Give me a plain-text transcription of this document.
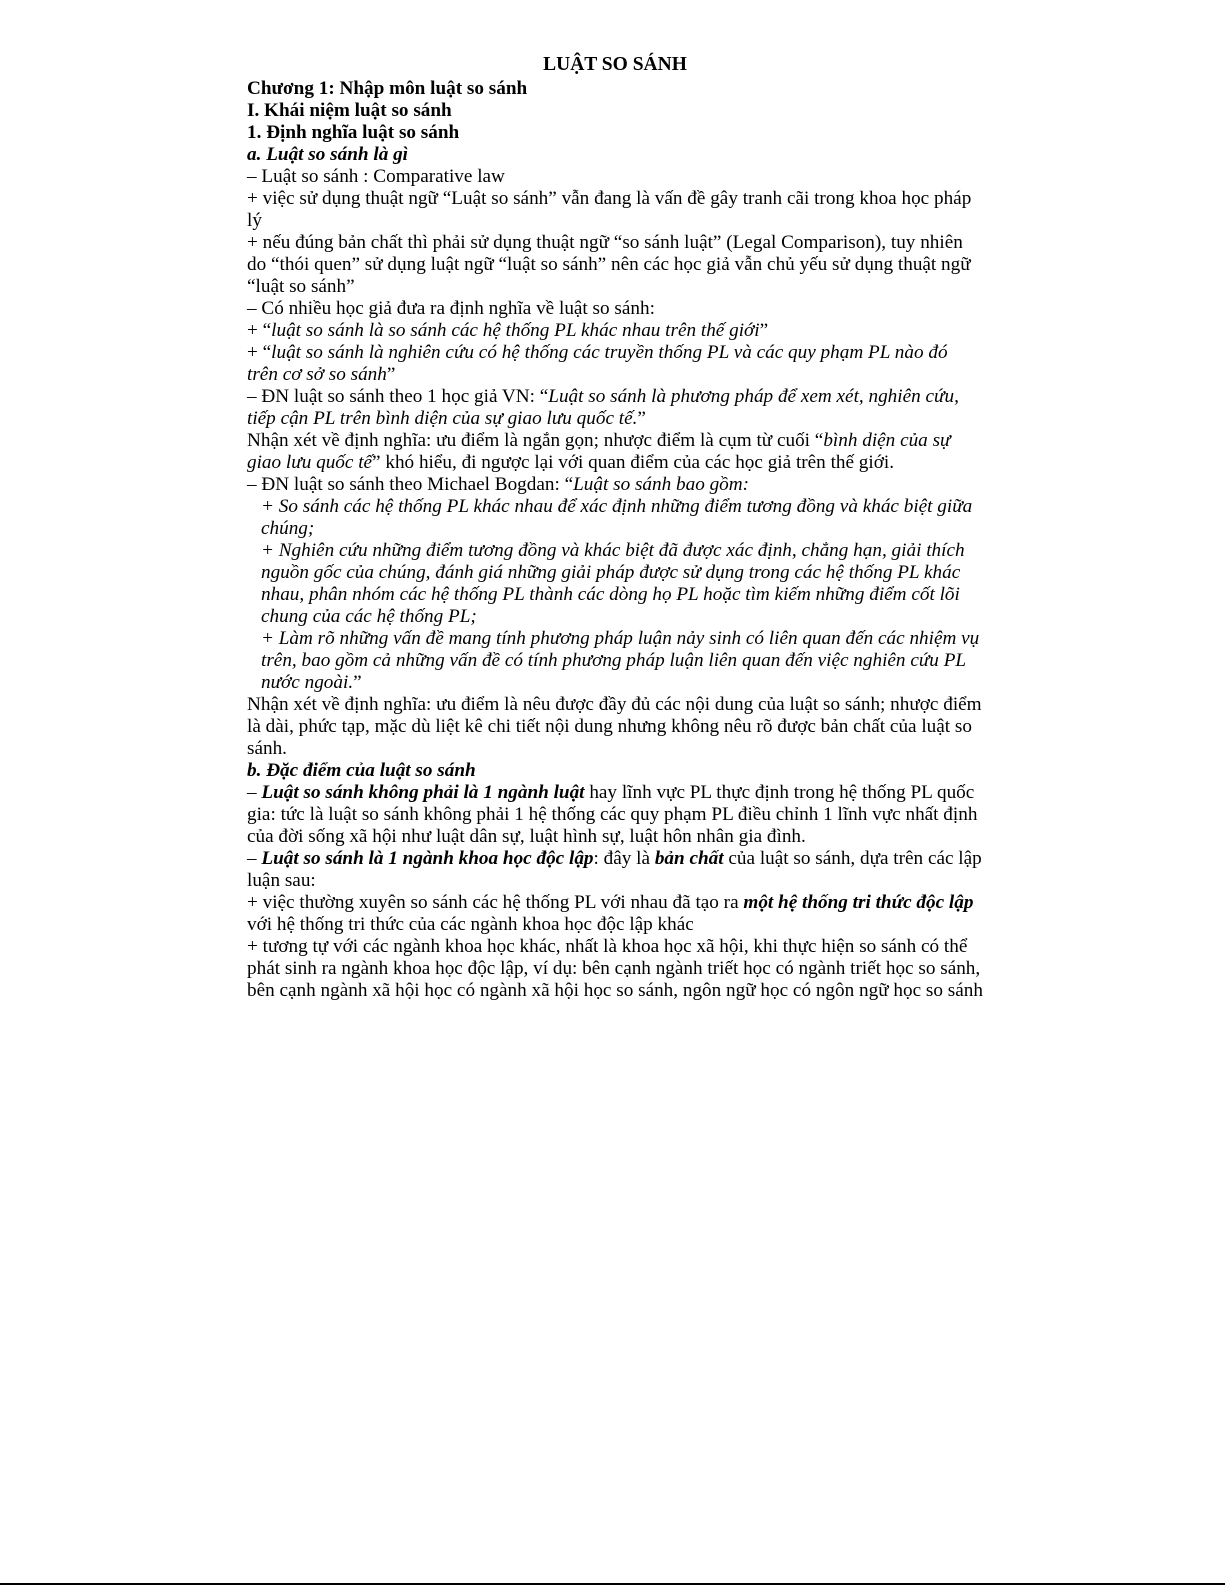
LUẬT SO SÁNH

Chương 1: Nhập môn luật so sánh

I. Khái niệm luật so sánh

1. Định nghĩa luật so sánh

a. Luật so sánh là gì

– Luật so sánh : Comparative law

+ việc sử dụng thuật ngữ “Luật so sánh” vẫn đang là vấn đề gây tranh cãi trong khoa học pháp lý

+ nếu đúng bản chất thì phải sử dụng thuật ngữ “so sánh luật” (Legal Comparison), tuy nhiên do “thói quen” sử dụng luật ngữ “luật so sánh” nên các học giả vẫn chủ yếu sử dụng thuật ngữ “luật so sánh”

– Có nhiều học giả đưa ra định nghĩa về luật so sánh:

+ “luật so sánh là so sánh các hệ thống PL khác nhau trên thế giới”

+ “luật so sánh là nghiên cứu có hệ thống các truyền thống PL và các quy phạm PL nào đó trên cơ sở so sánh”

– ĐN luật so sánh theo 1 học giả VN: “Luật so sánh là phương pháp để xem xét, nghiên cứu, tiếp cận PL trên bình diện của sự giao lưu quốc tế.”

Nhận xét về định nghĩa: ưu điểm là ngắn gọn; nhược điểm là cụm từ cuối “bình diện của sự giao lưu quốc tế” khó hiểu, đi ngược lại với quan điểm của các học giả trên thế giới.

– ĐN luật so sánh theo Michael Bogdan: “Luật so sánh bao gồm:

+ So sánh các hệ thống PL khác nhau để xác định những điểm tương đồng và khác biệt giữa chúng;

+ Nghiên cứu những điểm tương đồng và khác biệt đã được xác định, chẳng hạn, giải thích nguồn gốc của chúng, đánh giá những giải pháp được sử dụng trong các hệ thống PL khác nhau, phân nhóm các hệ thống PL thành các dòng họ PL hoặc tìm kiếm những điểm cốt lõi chung của các hệ thống PL;

+ Làm rõ những vấn đề mang tính phương pháp luận nảy sinh có liên quan đến các nhiệm vụ trên, bao gồm cả những vấn đề có tính phương pháp luận liên quan đến việc nghiên cứu PL nước ngoài.”

Nhận xét về định nghĩa: ưu điểm là nêu được đầy đủ các nội dung của luật so sánh; nhược điểm là dài, phức tạp, mặc dù liệt kê chi tiết nội dung nhưng không nêu rõ được bản chất của luật so sánh.

b. Đặc điểm của luật so sánh

– Luật so sánh không phải là 1 ngành luật hay lĩnh vực PL thực định trong hệ thống PL quốc gia: tức là luật so sánh không phải 1 hệ thống các quy phạm PL điều chỉnh 1 lĩnh vực nhất định của đời sống xã hội như luật dân sự, luật hình sự, luật hôn nhân gia đình.

– Luật so sánh là 1 ngành khoa học độc lập: đây là bản chất của luật so sánh, dựa trên các lập luận sau:

+ việc thường xuyên so sánh các hệ thống PL với nhau đã tạo ra một hệ thống tri thức độc lập với hệ thống tri thức của các ngành khoa học độc lập khác

+ tương tự với các ngành khoa học khác, nhất là khoa học xã hội, khi thực hiện so sánh có thể phát sinh ra ngành khoa học độc lập, ví dụ: bên cạnh ngành triết học có ngành triết học so sánh, bên cạnh ngành xã hội học có ngành xã hội học so sánh, ngôn ngữ học có ngôn ngữ học so sánh
